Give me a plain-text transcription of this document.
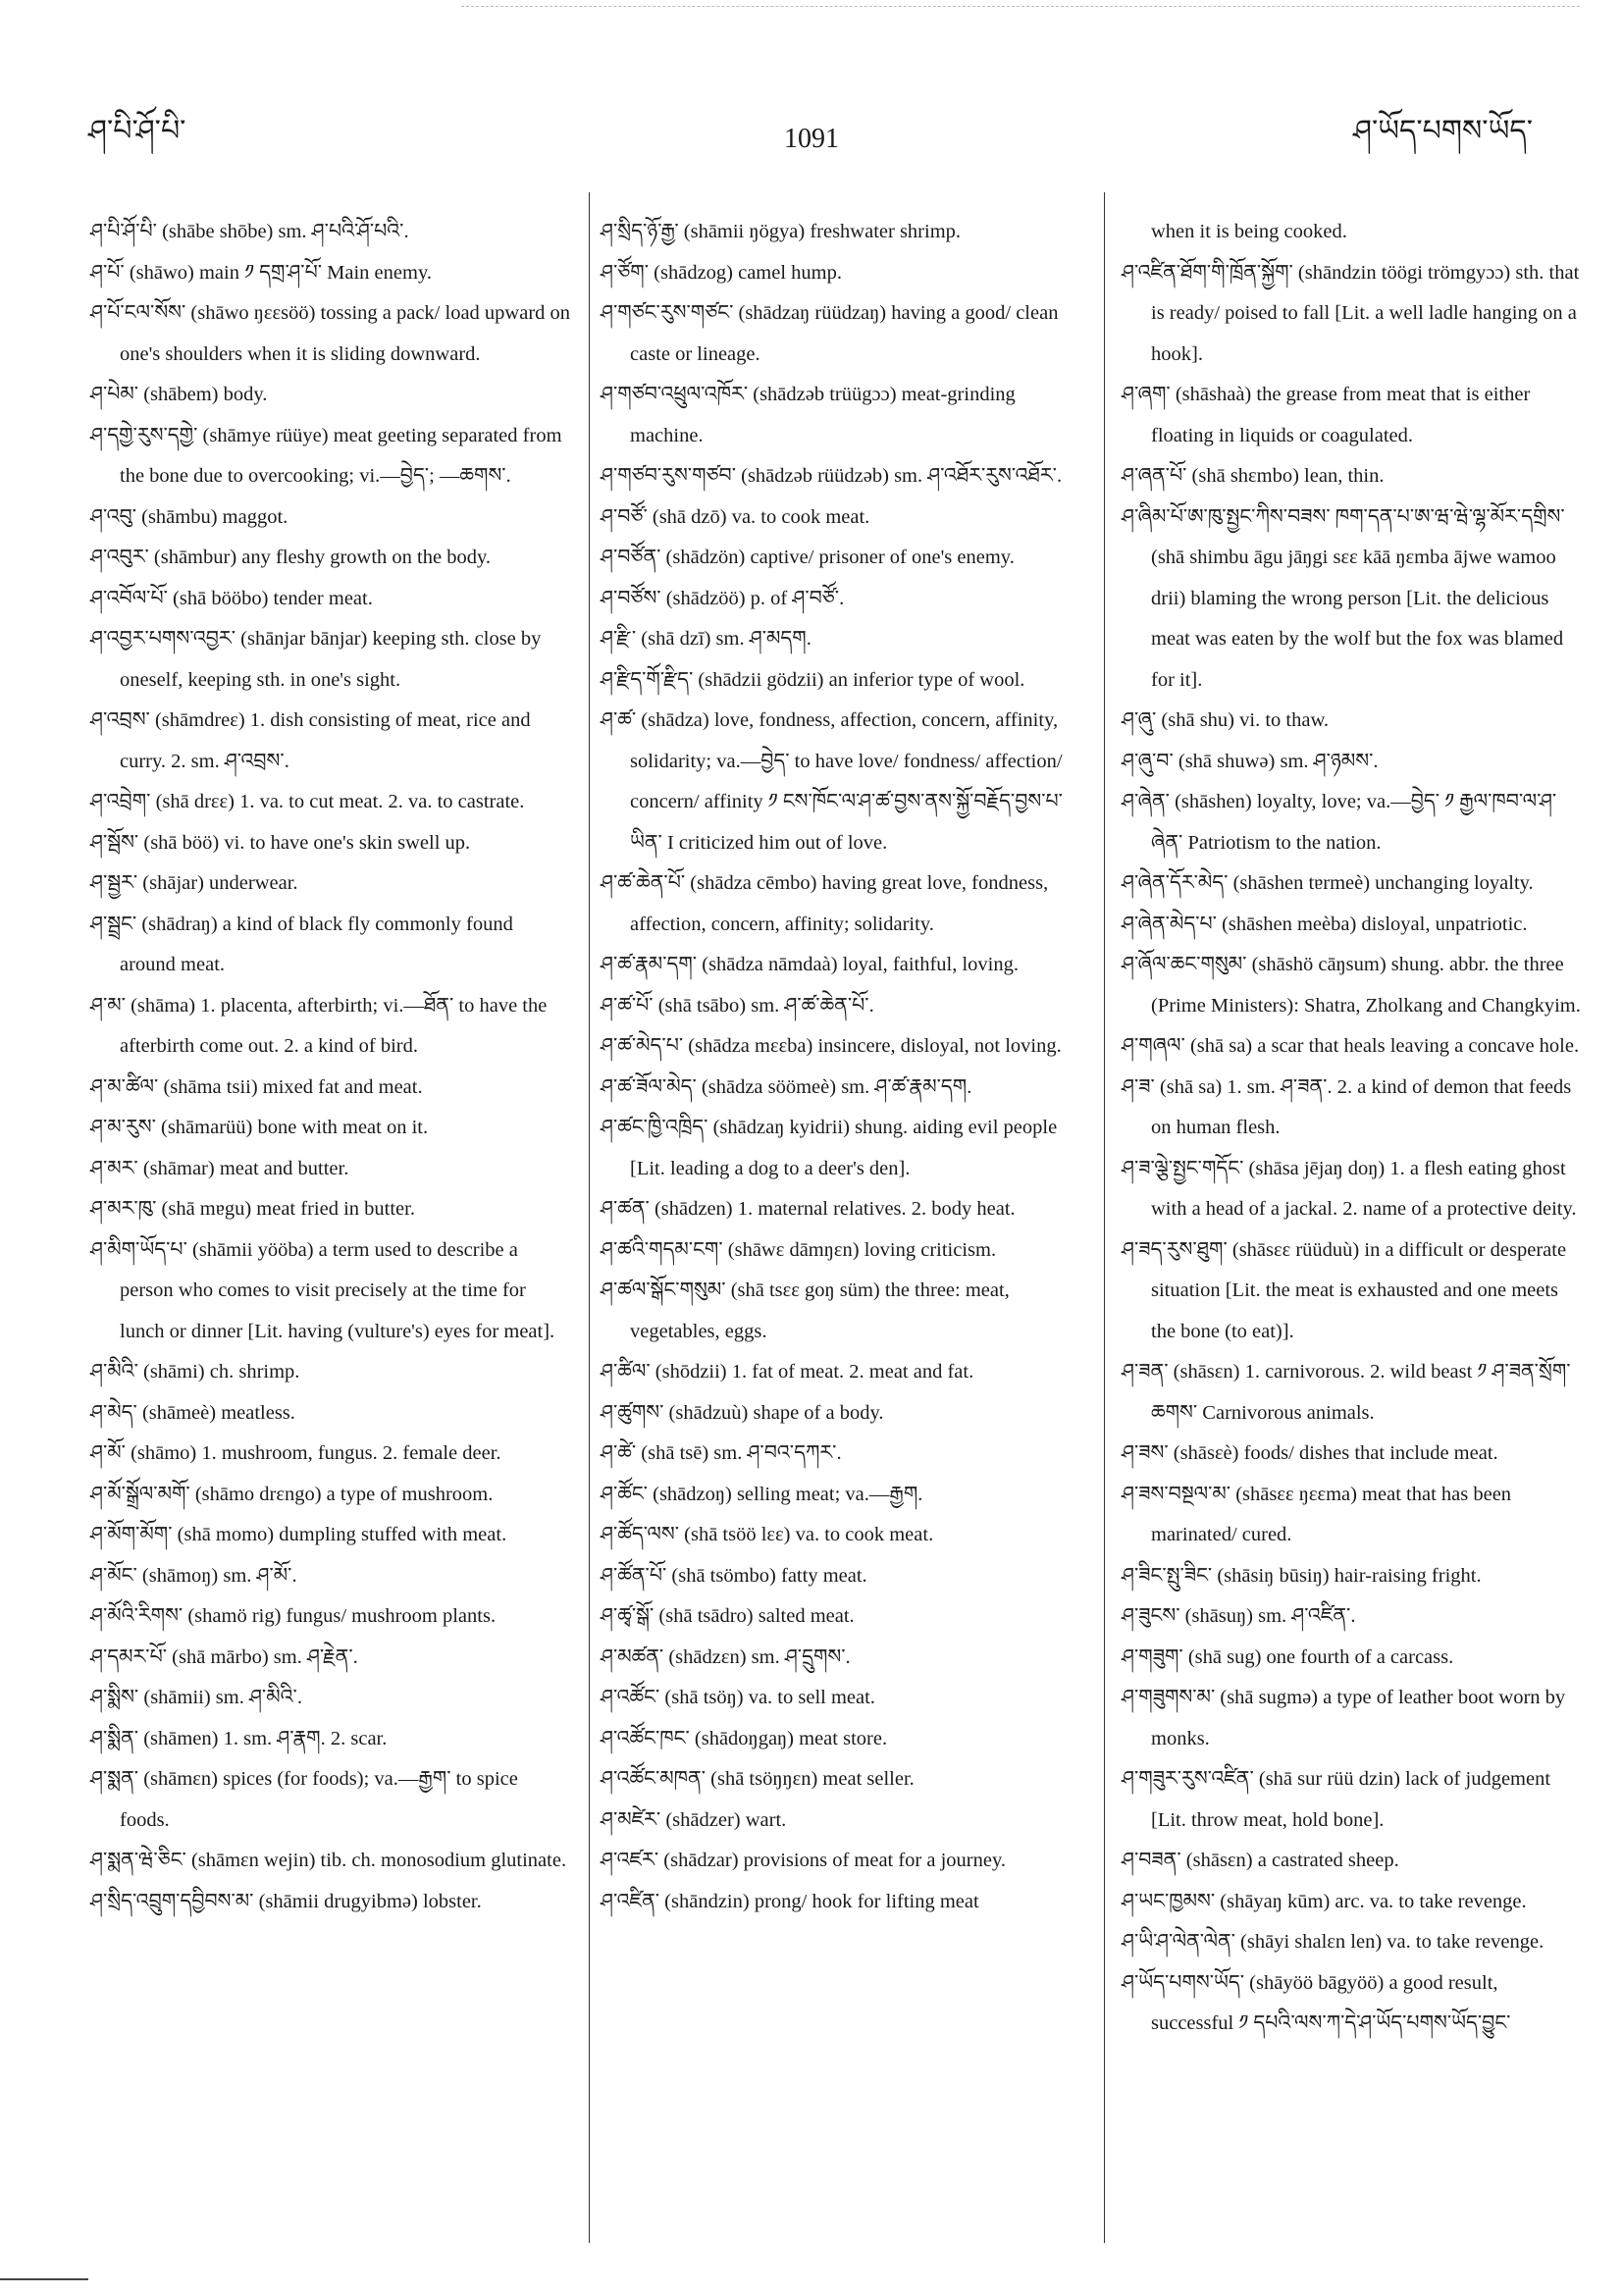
ཤ་པི་ཤོ་པི་	1091	ཤ་ཡོད་པགས་ཡོད་

ཤ་པི་ཤོ་པི་ (shābe shōbe) sm. ཤ་པའི་ཤོ་པའི་.

ཤ་པོ་ (shāwo) main ༡ དགྲ་ཤ་པོ་ Main enemy.

ཤ་པོ་ངལ་སོས་ (shāwo ŋɛɛsöö) tossing a pack/ load upward on one's shoulders when it is sliding downward.

ཤ་པེམ་ (shābem) body.

ཤ་དགྱེ་རུས་དགྱེ་ (shāmye rüüye) meat geeting separated from the bone due to overcooking; vi.—བྱེད་; —ཆགས་.

ཤ་འབུ་ (shāmbu) maggot.

ཤ་འབུར་ (shāmbur) any fleshy growth on the body.

ཤ་འབོལ་པོ་ (shā bööbo) tender meat.

ཤ་འབྱར་པགས་འབྱར་ (shānjar bānjar) keeping sth. close by oneself, keeping sth. in one's sight.

ཤ་འབྲས་ (shāmdreɛ) 1. dish consisting of meat, rice and curry. 2. sm. ཤ་འབྲས་.

ཤ་འབྲེག་ (shā drɛɛ) 1. va. to cut meat. 2. va. to castrate.

ཤ་སྦོས་ (shā böö) vi. to have one's skin swell up.

ཤ་སྦྱར་ (shājar) underwear.

ཤ་སྦྲང་ (shādraŋ) a kind of black fly commonly found around meat.

ཤ་མ་ (shāma) 1. placenta, afterbirth; vi.—ཐོན་ to have the afterbirth come out. 2. a kind of bird.

ཤ་མ་ཚིལ་ (shāma tsii) mixed fat and meat.

ཤ་མ་རུས་ (shāmarüü) bone with meat on it.

ཤ་མར་ (shāmar) meat and butter.

ཤ་མར་ཁུ་ (shā mɐgu) meat fried in butter.

ཤ་མིག་ཡོད་པ་ (shāmii yööba) a term used to describe a person who comes to visit precisely at the time for lunch or dinner [Lit. having (vulture's) eyes for meat].

ཤ་མིའི་ (shāmi) ch. shrimp.

ཤ་མེད་ (shāmeè) meatless.

ཤ་མོ་ (shāmo) 1. mushroom, fungus. 2. female deer.

ཤ་མོ་སྒྲོལ་མགོ་ (shāmo drɛngo) a type of mushroom.

ཤ་མོག་མོག་ (shā momo) dumpling stuffed with meat.

ཤ་མོང་ (shāmoŋ) sm. ཤ་མོ་.

ཤ་མོའི་རིགས་ (shamö rig) fungus/ mushroom plants.

ཤ་དམར་པོ་ (shā mārbo) sm. ཤ་རྗེན་.

ཤ་སྨིས་ (shāmii) sm. ཤ་མིའི་.

ཤ་སྨིན་ (shāmen) 1. sm. ཤ་རྣག. 2. scar.

ཤ་སྨན་ (shāmɛn) spices (for foods); va.—རྒྱག་ to spice foods.

ཤ་སྨན་ཝེ་ཅིང་ (shāmɛn wejin) tib. ch. monosodium glutinate.

ཤ་སྲིད་འབྲུག་དབྱིབས་མ་ (shāmii drugyibmə) lobster.

ཤ་སྲིད་ཉོ་རྒྱ་ (shāmii ŋögya) freshwater shrimp.

ཤ་ཙོག་ (shādzog) camel hump.

ཤ་གཙང་རུས་གཙང་ (shādzaŋ rüüdzaŋ) having a good/ clean caste or lineage.

ཤ་གཙབ་འཕྲུལ་འཁོར་ (shādzəb trüügɔɔ) meat-grinding machine.

ཤ་གཙབ་རུས་གཙབ་ (shādzəb rüüdzəb) sm. ཤ་འཐོར་རུས་འཐོར་.

ཤ་བཙོ་ (shā dzō) va. to cook meat.

ཤ་བཙོན་ (shādzön) captive/ prisoner of one's enemy.

ཤ་བཙོས་ (shādzöö) p. of ཤ་བཙོ་.

ཤ་རྫི་ (shā dzī) sm. ཤ་མདག.

ཤ་རྫིད་གོ་རྫིད་ (shādzii gödzii) an inferior type of wool.

ཤ་ཚ་ (shādza) love, fondness, affection, concern, affinity, solidarity; va.—བྱེད་ to have love/ fondness/ affection/ concern/ affinity ༡ ངས་ཁོང་ལ་ཤ་ཚ་བྱས་ནས་སྐྱོ་བརྗོད་བྱས་པ་ཡིན་ I criticized him out of love.

ཤ་ཚ་ཆེན་པོ་ (shādza cēmbo) having great love, fondness, affection, concern, affinity; solidarity.

ཤ་ཚ་རྣམ་དག་ (shādza nāmdaà) loyal, faithful, loving.

ཤ་ཚ་པོ་ (shā tsābo) sm. ཤ་ཚ་ཆེན་པོ་.

ཤ་ཚ་མེད་པ་ (shādza mɛɛba) insincere, disloyal, not loving.

ཤ་ཚ་ཟོལ་མེད་ (shādza söömeè) sm. ཤ་ཚ་རྣམ་དག.

ཤ་ཚང་ཁྱི་འཁྲིད་ (shādzaŋ kyidrii) shung. aiding evil people [Lit. leading a dog to a deer's den].

ཤ་ཚན་ (shādzen) 1. maternal relatives. 2. body heat.

ཤ་ཚའི་གདམ་ངག་ (shāwɛ dāmŋɛn) loving criticism.

ཤ་ཚལ་སྒོང་གསུམ་ (shā tsɛɛ goŋ süm) the three: meat, vegetables, eggs.

ཤ་ཚིལ་ (shōdzii) 1. fat of meat. 2. meat and fat.

ཤ་ཚུགས་ (shādzuù) shape of a body.

ཤ་ཚེ་ (shā tsē) sm. ཤ་བའ་དཀར་.

ཤ་ཚོང་ (shādzoŋ) selling meat; va.—རྒྱག.

ཤ་ཚོད་ལས་ (shā tsöö lɛɛ) va. to cook meat.

ཤ་ཚོན་པོ་ (shā tsömbo) fatty meat.

ཤ་ཚྭ་སྒོ་ (shā tsādro) salted meat.

ཤ་མཚན་ (shādzɛn) sm. ཤ་དྲུགས་.

ཤ་འཚོང་ (shā tsöŋ) va. to sell meat.

ཤ་འཚོང་ཁང་ (shādoŋgaŋ) meat store.

ཤ་འཚོང་མཁན་ (shā tsöŋŋɛn) meat seller.

ཤ་མཛེར་ (shādzer) wart.

ཤ་འཛར་ (shādzar) provisions of meat for a journey.

ཤ་འཛིན་ (shāndzin) prong/ hook for lifting meat

when it is being cooked.

ཤ་འཛིན་ཐོག་གི་ཁྲོན་སྐྱོག་ (shāndzin töögi trömgyɔɔ) sth. that is ready/ poised to fall [Lit. a well ladle hanging on a hook].

ཤ་ཞག་ (shāshaà) the grease from meat that is either floating in liquids or coagulated.

ཤ་ཞན་པོ་ (shā shɛmbo) lean, thin.

ཤ་ཞིམ་པོ་ཨ་ཁུ་སྤྱང་ཀིས་བཟས་ ཁག་དན་པ་ཨ་ཝ་ཝེ་ལྷ་མོར་དགྲིས་ (shā shimbu āgu jāŋgi sɛɛ kāā ŋɛmba ājwe wamoo drii) blaming the wrong person [Lit. the delicious meat was eaten by the wolf but the fox was blamed for it].

ཤ་ཞུ་ (shā shu) vi. to thaw.

ཤ་ཞུ་བ་ (shā shuwə) sm. ཤ་ཉམས་.

ཤ་ཞེན་ (shāshen) loyalty, love; va.—བྱེད་ ༡ རྒྱལ་ཁབ་ལ་ཤ་ཞེན་ Patriotism to the nation.

ཤ་ཞེན་དོར་མེད་ (shāshen tɐrmeè) unchanging loyalty.

ཤ་ཞེན་མེད་པ་ (shāshen meèba) disloyal, unpatriotic.

ཤ་ཞོལ་ཆང་གསུམ་ (shāshö cāŋsum) shung. abbr. the three (Prime Ministers): Shatra, Zholkang and Changkyim.

ཤ་གཞལ་ (shā sa) a scar that heals leaving a concave hole.

ཤ་ཟ་ (shā sa) 1. sm. ཤ་ཟན་. 2. a kind of demon that feeds on human flesh.

ཤ་ཟ་ལྕེ་སྤྱང་གདོང་ (shāsa jējaŋ doŋ) 1. a flesh eating ghost with a head of a jackal. 2. name of a protective deity.

ཤ་ཟད་རུས་ཐུག་ (shāsɛɛ rüüduù) in a difficult or desperate situation [Lit. the meat is exhausted and one meets the bone (to eat)].

ཤ་ཟན་ (shāsɛn) 1. carnivorous. 2. wild beast ༡ ཤ་ཟན་སྲོག་ཆགས་ Carnivorous animals.

ཤ་ཟས་ (shāsɛè) foods/ dishes that include meat.

ཤ་ཟས་བསྔལ་མ་ (shāsɛɛ ŋɛɛma) meat that has been marinated/ cured.

ཤ་ཟིང་སྤུ་ཟིང་ (shāsiŋ būsiŋ) hair-raising fright.

ཤ་ཟུངས་ (shāsuŋ) sm. ཤ་འཛིན་.

ཤ་གཟུག་ (shā sug) one fourth of a carcass.

ཤ་གཟུགས་མ་ (shā sugmə) a type of leather boot worn by monks.

ཤ་གཟུར་རུས་འཛིན་ (shā sur rüü dzin) lack of judgement [Lit. throw meat, hold bone].

ཤ་བཟན་ (shāsɛn) a castrated sheep.

ཤ་ཡང་ཁྱམས་ (shāyaŋ kūm) arc. va. to take revenge.

ཤ་ཡི་ཤ་ལེན་ལེན་ (shāyi shalɛn len) va. to take revenge.

ཤ་ཡོད་པགས་ཡོད་ (shāyöö bāgyöö) a good result, successful ༡ དཔའི་ལས་ཀ་དེ་ཤ་ཡོད་པགས་ཡོད་བྱུང་
